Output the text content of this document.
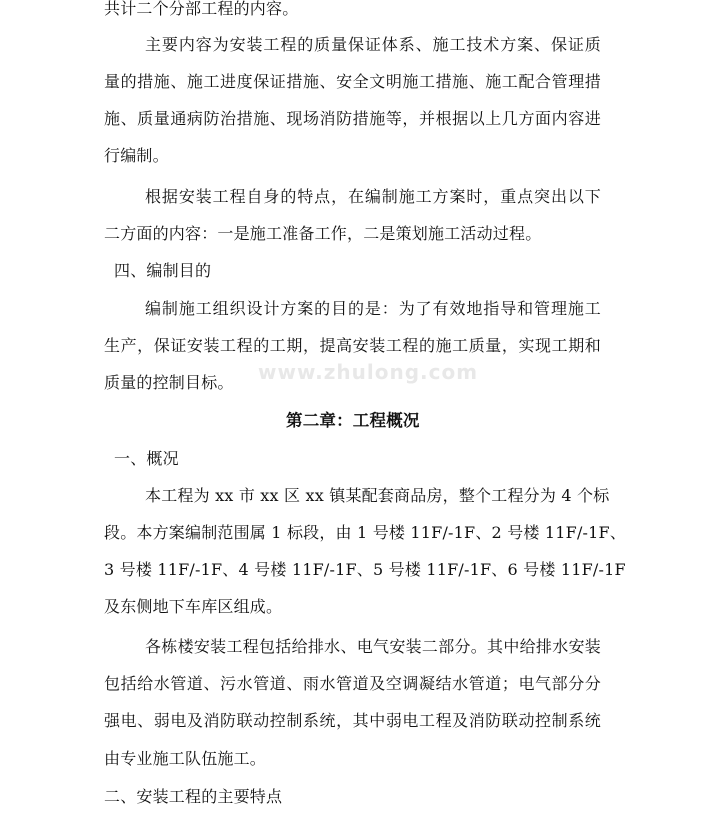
www.zhulong.com
共计二个分部工程的内容。
主要内容为安装工程的质量保证体系、施工技术方案、保证质
量的措施、施工进度保证措施、安全文明施工措施、施工配合管理措
施、质量通病防治措施、现场消防措施等，并根据以上几方面内容进
行编制。
根据安装工程自身的特点，在编制施工方案时，重点突出以下
二方面的内容：一是施工准备工作，二是策划施工活动过程。
四、编制目的
编制施工组织设计方案的目的是：为了有效地指导和管理施工
生产，保证安装工程的工期，提高安装工程的施工质量，实现工期和
质量的控制目标。
第二章：工程概况
一、概况
本工程为 xx 市 xx 区 xx 镇某配套商品房，整个工程分为 4 个标
段。本方案编制范围属 1 标段，由 1 号楼 11F/-1F、2 号楼 11F/-1F、
3 号楼 11F/-1F、4 号楼 11F/-1F、5 号楼 11F/-1F、6 号楼 11F/-1F
及东侧地下车库区组成。
各栋楼安装工程包括给排水、电气安装二部分。其中给排水安装
包括给水管道、污水管道、雨水管道及空调凝结水管道；电气部分分
强电、弱电及消防联动控制系统，其中弱电工程及消防联动控制系统
由专业施工队伍施工。
二、安装工程的主要特点
